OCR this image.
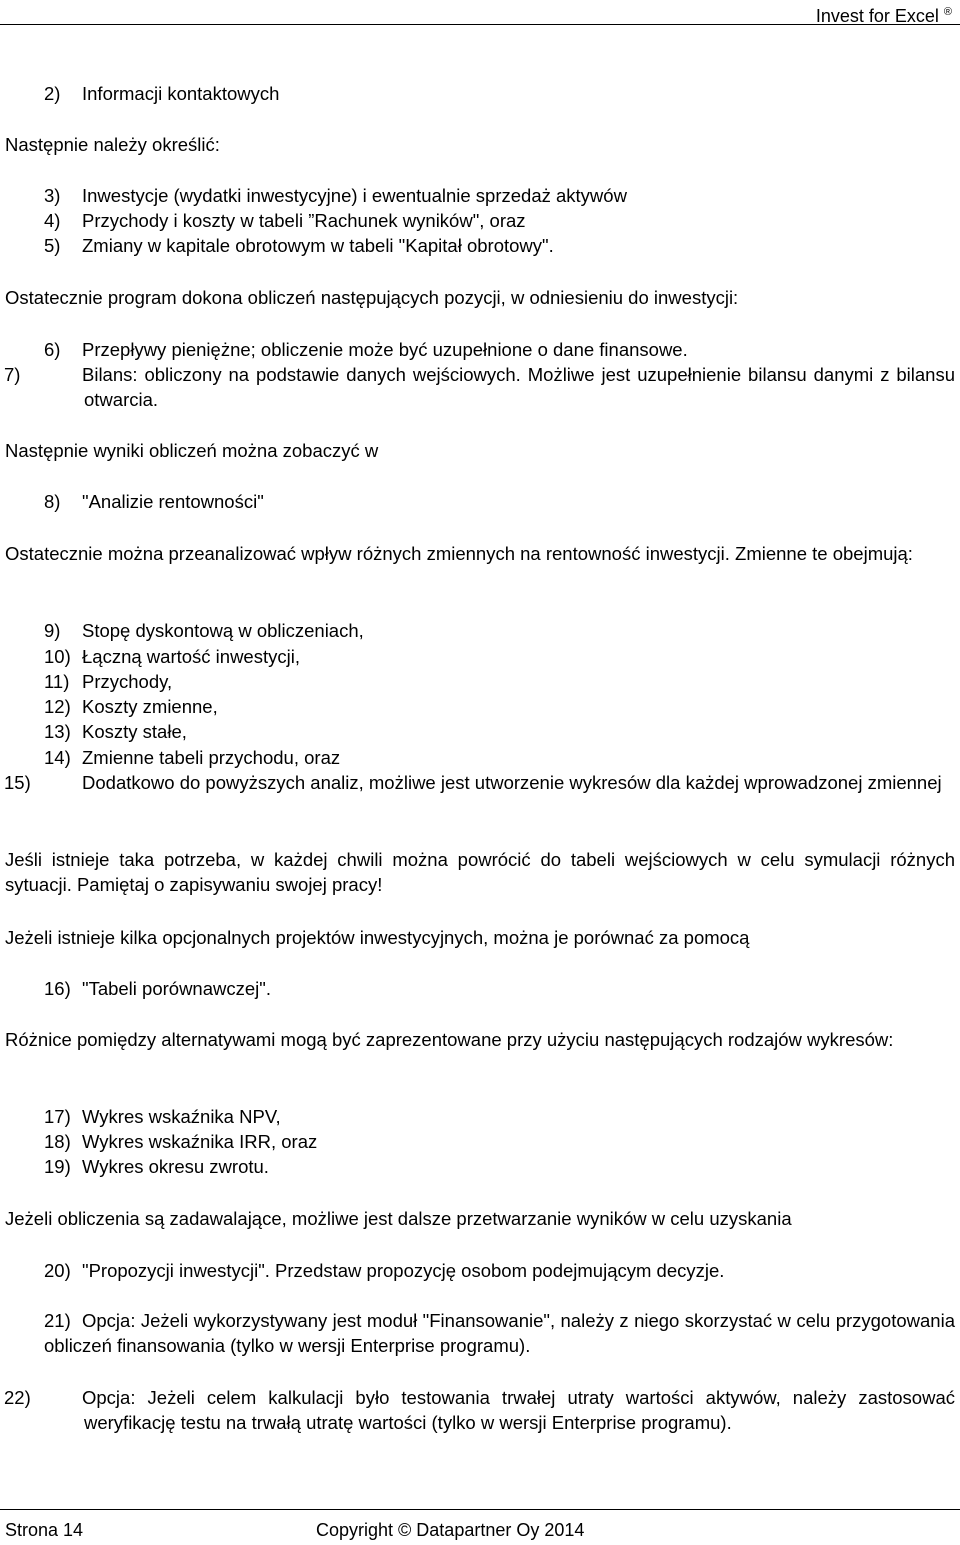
Invest for Excel ®
2) Informacji kontaktowych
Następnie należy określić:
3) Inwestycje (wydatki inwestycyjne) i ewentualnie sprzedaż aktywów
4) Przychody i koszty w tabeli ”Rachunek wyników", oraz
5) Zmiany w kapitale obrotowym w tabeli "Kapitał obrotowy".
Ostatecznie program dokona obliczeń następujących pozycji, w odniesieniu do inwestycji:
6) Przepływy pieniężne; obliczenie może być uzupełnione o dane finansowe.
7)	Bilans: obliczony na podstawie danych wejściowych. Możliwe jest uzupełnienie bilansu danymi z bilansu otwarcia.
Następnie wyniki obliczeń można zobaczyć w
8) "Analizie rentowności"
Ostatecznie można przeanalizować wpływ różnych zmiennych na rentowność inwestycji. Zmienne te obejmują:
9) Stopę dyskontową w obliczeniach,
10) Łączną wartość inwestycji,
11) Przychody,
12) Koszty zmienne,
13) Koszty stałe,
14) Zmienne tabeli przychodu, oraz
15)	Dodatkowo do powyższych analiz, możliwe jest utworzenie wykresów dla każdej wprowadzonej zmiennej
Jeśli istnieje taka potrzeba, w każdej chwili można powrócić do tabeli wejściowych w celu symulacji różnych sytuacji. Pamiętaj o zapisywaniu swojej pracy!
Jeżeli istnieje kilka opcjonalnych projektów inwestycyjnych, można je porównać za pomocą
16) "Tabeli porównawczej".
Różnice pomiędzy alternatywami mogą być zaprezentowane przy użyciu następujących rodzajów wykresów:
17) Wykres wskaźnika NPV,
18) Wykres wskaźnika IRR, oraz
19) Wykres okresu zwrotu.
Jeżeli obliczenia są zadawalające, możliwe jest dalsze przetwarzanie wyników w celu uzyskania
20) "Propozycji inwestycji". Przedstaw propozycję osobom podejmującym decyzje.
21) Opcja: Jeżeli wykorzystywany jest moduł "Finansowanie", należy z niego skorzystać w celu przygotowania obliczeń finansowania (tylko w wersji Enterprise programu).
22)	Opcja: Jeżeli celem kalkulacji było testowania trwałej utraty wartości aktywów, należy zastosować weryfikację testu na trwałą utratę wartości (tylko w wersji Enterprise programu).
Strona 14	Copyright © Datapartner Oy 2014
